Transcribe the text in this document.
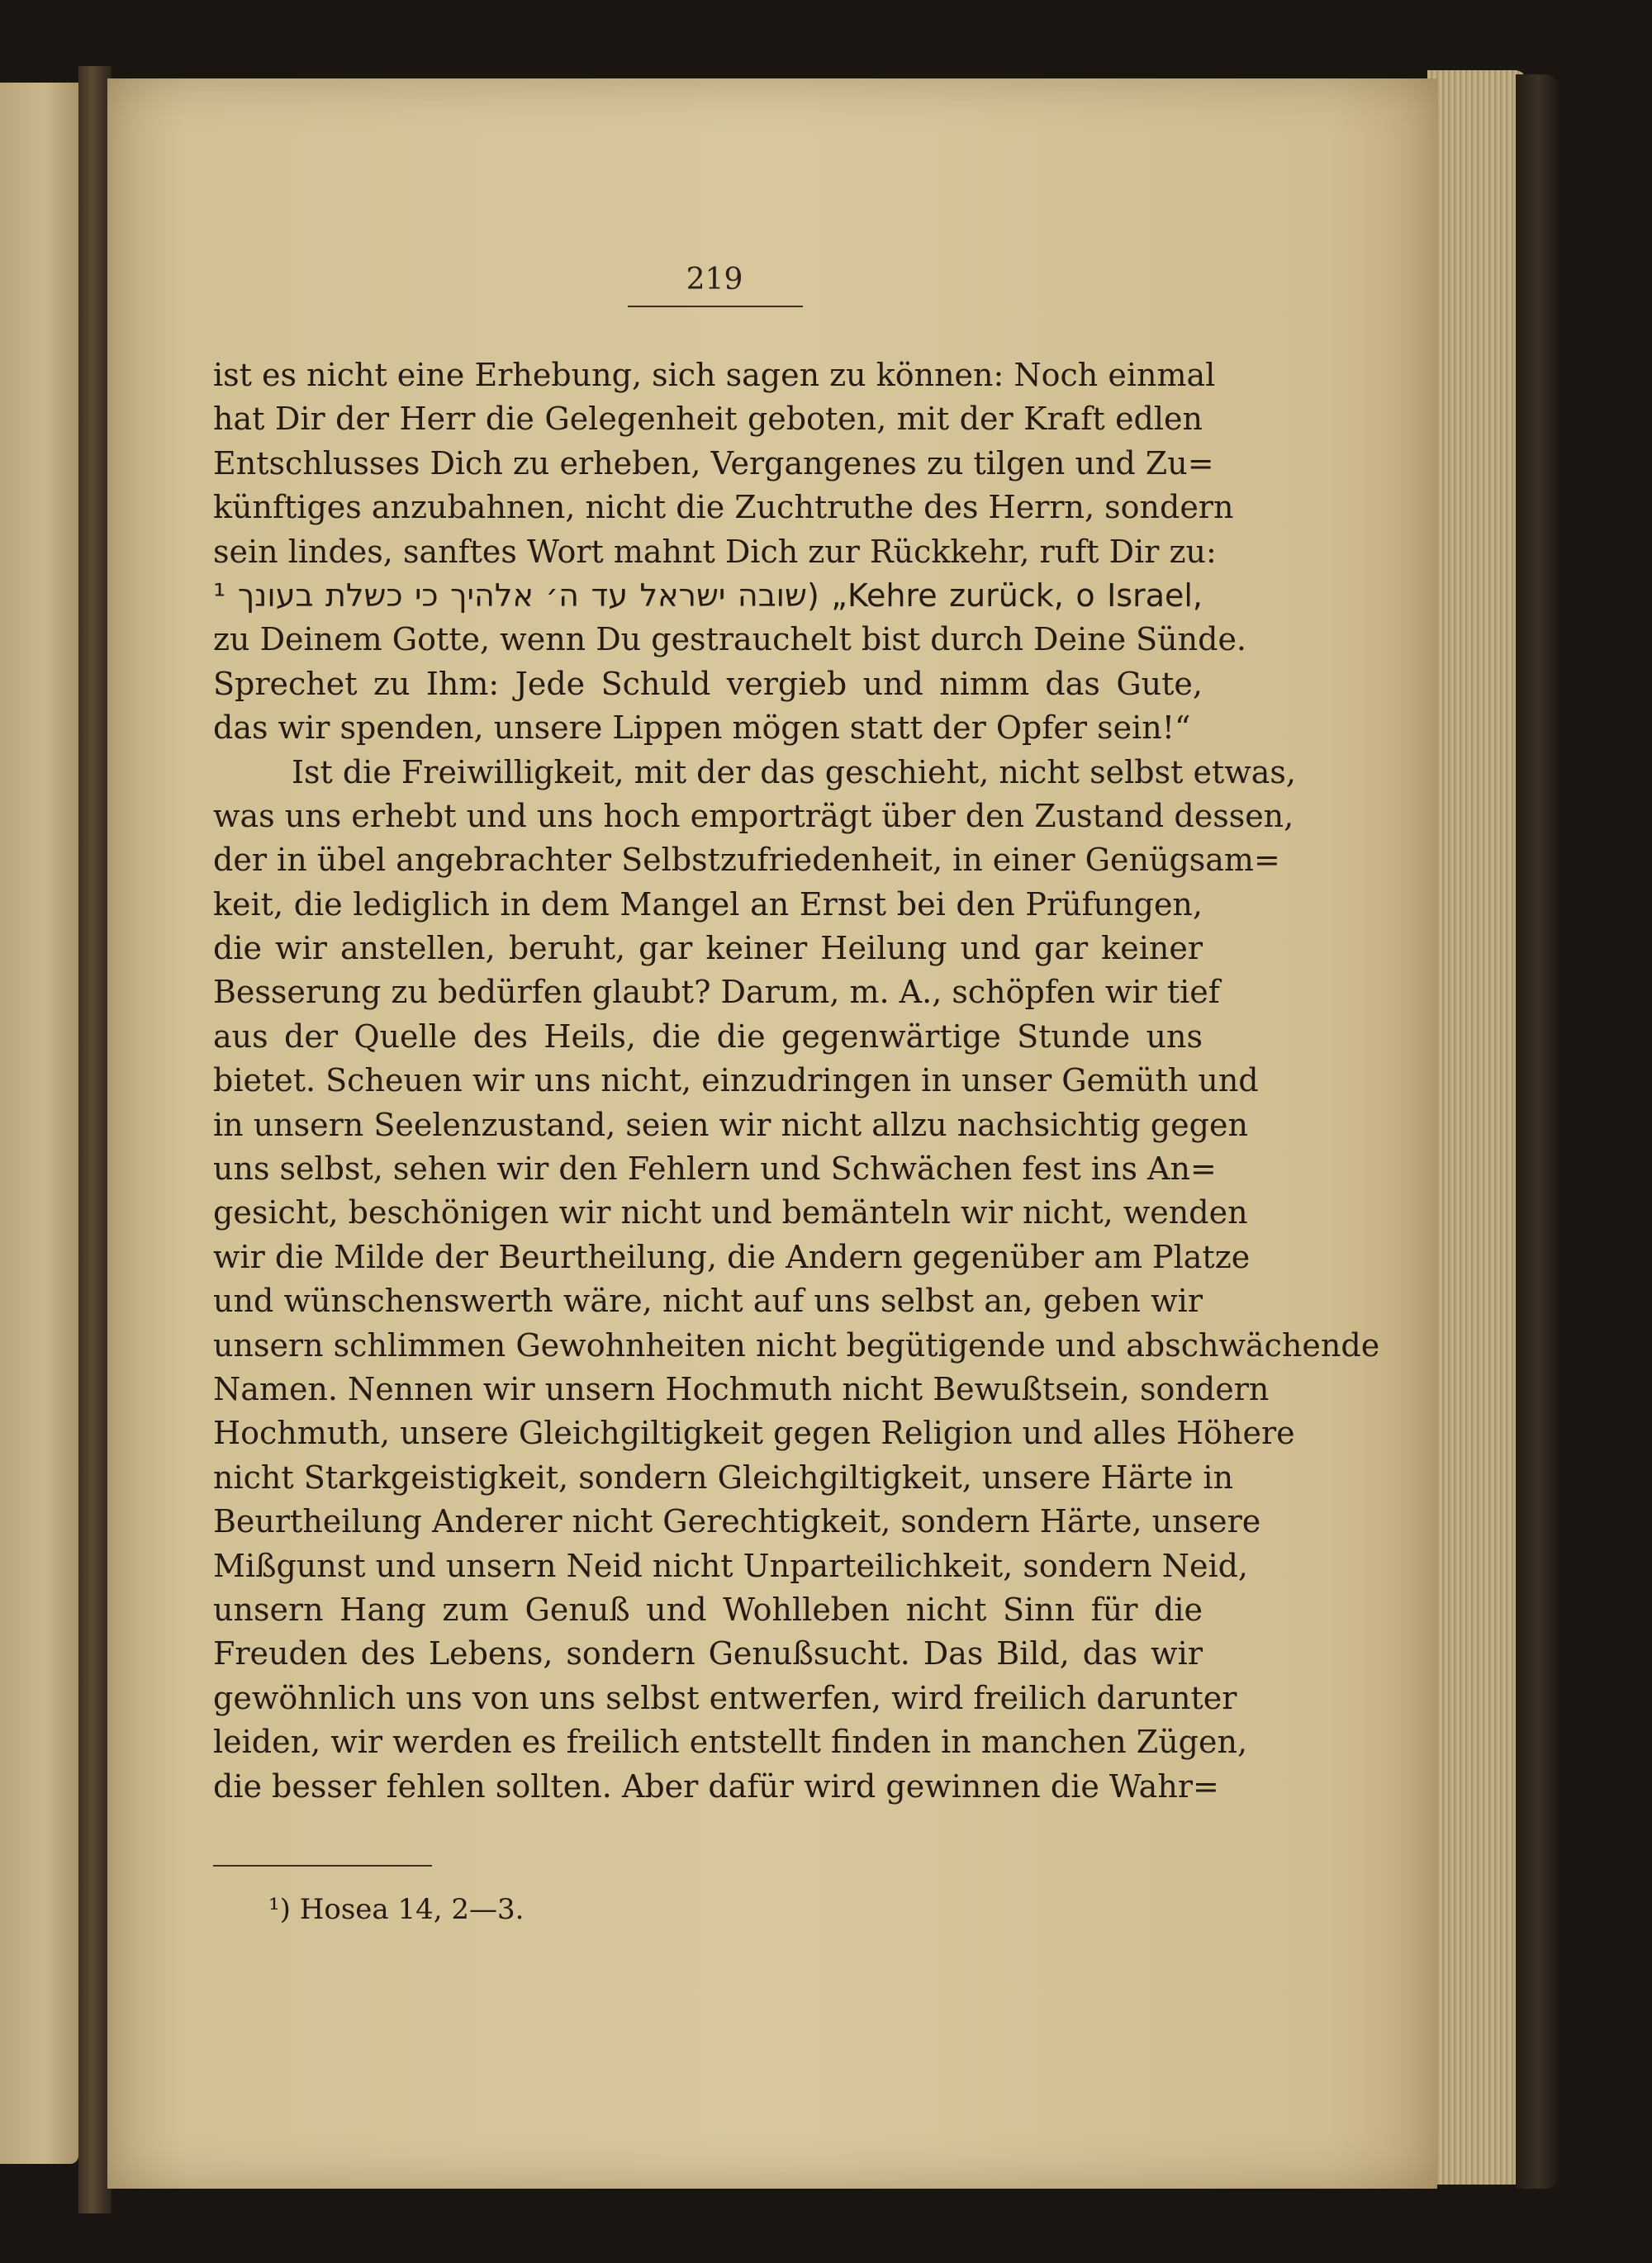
219
ist es nicht eine Erhebung, sich sagen zu können: Noch einmal
hat Dir der Herr die Gelegenheit geboten, mit der Kraft edlen
Entschlusses Dich zu erheben, Vergangenes zu tilgen und Zu=
künftiges anzubahnen, nicht die Zuchtruthe des Herrn, sondern
sein lindes, sanftes Wort mahnt Dich zur Rückkehr, ruft Dir zu:
שובה ישראל עד ה׳ אלהיך כי כשלת בעונך ¹) „Kehre zurück, o Israel,
zu Deinem Gotte, wenn Du gestrauchelt bist durch Deine Sünde.
Sprechet zu Ihm: Jede Schuld vergieb und nimm das Gute,
das wir spenden, unsere Lippen mögen statt der Opfer sein!“
Ist die Freiwilligkeit, mit der das geschieht, nicht selbst etwas,
was uns erhebt und uns hoch emporträgt über den Zustand dessen,
der in übel angebrachter Selbstzufriedenheit, in einer Genügsam=
keit, die lediglich in dem Mangel an Ernst bei den Prüfungen,
die wir anstellen, beruht, gar keiner Heilung und gar keiner
Besserung zu bedürfen glaubt? Darum, m. A., schöpfen wir tief
aus der Quelle des Heils, die die gegenwärtige Stunde uns
bietet. Scheuen wir uns nicht, einzudringen in unser Gemüth und
in unsern Seelenzustand, seien wir nicht allzu nachsichtig gegen
uns selbst, sehen wir den Fehlern und Schwächen fest ins An=
gesicht, beschönigen wir nicht und bemänteln wir nicht, wenden
wir die Milde der Beurtheilung, die Andern gegenüber am Platze
und wünschenswerth wäre, nicht auf uns selbst an, geben wir
unsern schlimmen Gewohnheiten nicht begütigende und abschwächende
Namen. Nennen wir unsern Hochmuth nicht Bewußtsein, sondern
Hochmuth, unsere Gleichgiltigkeit gegen Religion und alles Höhere
nicht Starkgeistigkeit, sondern Gleichgiltigkeit, unsere Härte in
Beurtheilung Anderer nicht Gerechtigkeit, sondern Härte, unsere
Mißgunst und unsern Neid nicht Unparteilichkeit, sondern Neid,
unsern Hang zum Genuß und Wohlleben nicht Sinn für die
Freuden des Lebens, sondern Genußsucht. Das Bild, das wir
gewöhnlich uns von uns selbst entwerfen, wird freilich darunter
leiden, wir werden es freilich entstellt finden in manchen Zügen,
die besser fehlen sollten. Aber dafür wird gewinnen die Wahr=
¹) Hosea 14, 2—3.
